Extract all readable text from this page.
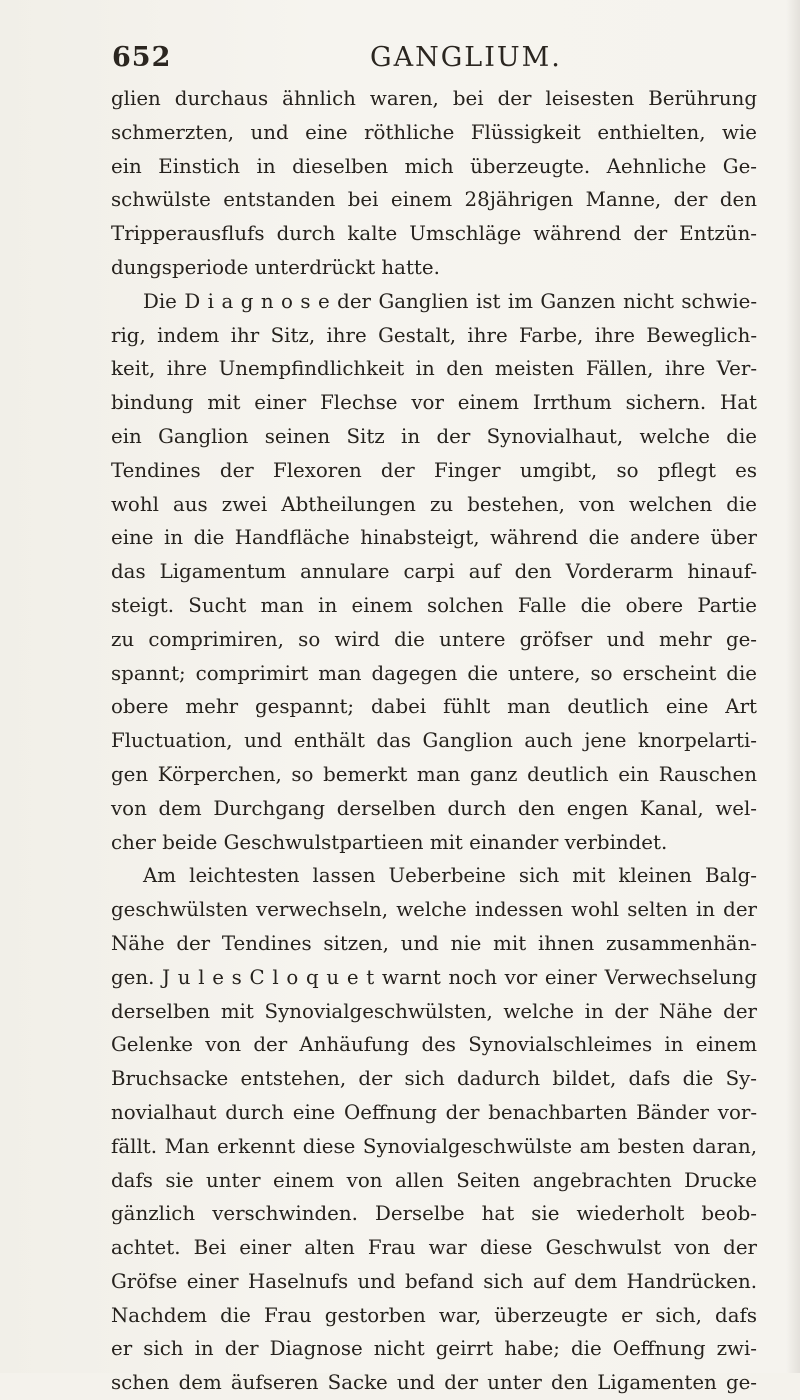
652	GANGLIUM.
glien durchaus ähnlich waren, bei der leisesten Berührung
schmerzten, und eine röthliche Flüssigkeit enthielten, wie
ein Einstich in dieselben mich überzeugte. Aehnliche Ge-
schwülste entstanden bei einem 28jährigen Manne, der den
Tripperausflufs durch kalte Umschläge während der Entzün-
dungsperiode unterdrückt hatte.
Die D i a g n o s e der Ganglien ist im Ganzen nicht schwie-
rig, indem ihr Sitz, ihre Gestalt, ihre Farbe, ihre Beweglich-
keit, ihre Unempfindlichkeit in den meisten Fällen, ihre Ver-
bindung mit einer Flechse vor einem Irrthum sichern. Hat
ein Ganglion seinen Sitz in der Synovialhaut, welche die
Tendines der Flexoren der Finger umgibt, so pflegt es
wohl aus zwei Abtheilungen zu bestehen, von welchen die
eine in die Handfläche hinabsteigt, während die andere über
das Ligamentum annulare carpi auf den Vorderarm hinauf-
steigt. Sucht man in einem solchen Falle die obere Partie
zu comprimiren, so wird die untere gröfser und mehr ge-
spannt; comprimirt man dagegen die untere, so erscheint die
obere mehr gespannt; dabei fühlt man deutlich eine Art
Fluctuation, und enthält das Ganglion auch jene knorpelarti-
gen Körperchen, so bemerkt man ganz deutlich ein Rauschen
von dem Durchgang derselben durch den engen Kanal, wel-
cher beide Geschwulstpartieen mit einander verbindet.
Am leichtesten lassen Ueberbeine sich mit kleinen Balg-
geschwülsten verwechseln, welche indessen wohl selten in der
Nähe der Tendines sitzen, und nie mit ihnen zusammenhän-
gen. J u l e s C l o q u e t warnt noch vor einer Verwechselung
derselben mit Synovialgeschwülsten, welche in der Nähe der
Gelenke von der Anhäufung des Synovialschleimes in einem
Bruchsacke entstehen, der sich dadurch bildet, dafs die Sy-
novialhaut durch eine Oeffnung der benachbarten Bänder vor-
fällt. Man erkennt diese Synovialgeschwülste am besten daran,
dafs sie unter einem von allen Seiten angebrachten Drucke
gänzlich verschwinden. Derselbe hat sie wiederholt beob-
achtet. Bei einer alten Frau war diese Geschwulst von der
Gröfse einer Haselnufs und befand sich auf dem Handrücken.
Nachdem die Frau gestorben war, überzeugte er sich, dafs
er sich in der Diagnose nicht geirrt habe; die Oeffnung zwi-
schen dem äufseren Sacke und der unter den Ligamenten ge-
